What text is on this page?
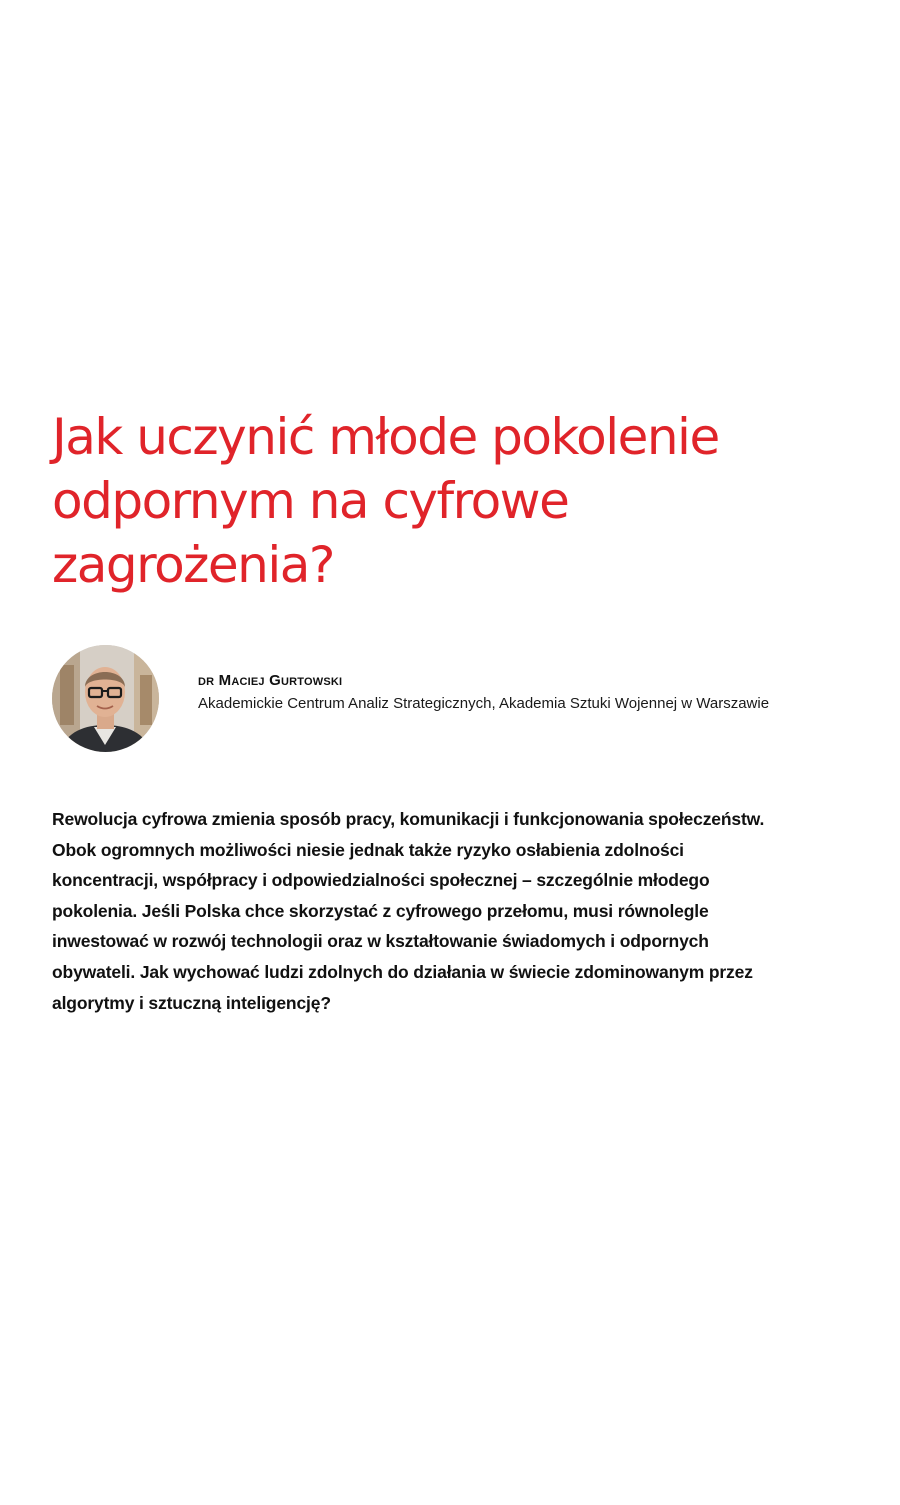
Jak uczynić młode pokolenie
odpornym na cyfrowe
zagrożenia?
dr Maciej Gurtowski
Akademickie Centrum Analiz Strategicznych, Akademia Sztuki Wojennej w Warszawie

Rewolucja cyfrowa zmienia sposób pracy, komunikacji i funkcjonowania społeczeństw.
Obok ogromnych możliwości niesie jednak także ryzyko osłabienia zdolności
koncentracji, współpracy i odpowiedzialności społecznej – szczególnie młodego
pokolenia. Jeśli Polska chce skorzystać z cyfrowego przełomu, musi równolegle
inwestować w rozwój technologii oraz w kształtowanie świadomych i odpornych
obywateli. Jak wychować ludzi zdolnych do działania w świecie zdominowanym przez
algorytmy i sztuczną inteligencję?
